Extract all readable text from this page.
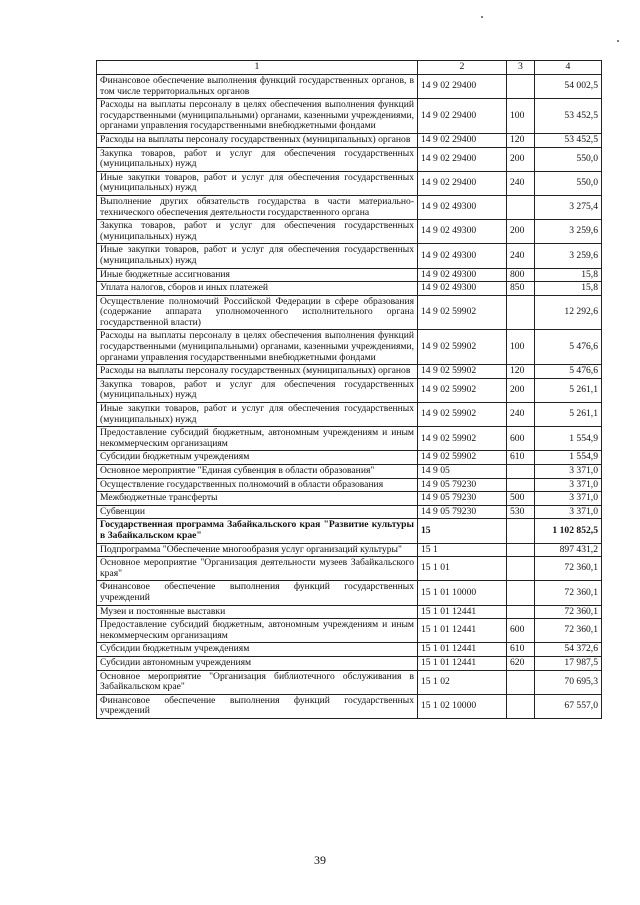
1	2	3	4
Финансовое обеспечение выполнения функций государственных органов, в том числе территориальных органов	14 9 02 29400		54 002,5
Расходы на выплаты персоналу в целях обеспечения выполнения функций государственными (муниципальными) органами, казенными учреждениями, органами управления государственными внебюджетными фондами	14 9 02 29400	100	53 452,5
Расходы на выплаты персоналу государственных (муниципальных) органов	14 9 02 29400	120	53 452,5
Закупка товаров, работ и услуг для обеспечения государственных (муниципальных) нужд	14 9 02 29400	200	550,0
Иные закупки товаров, работ и услуг для обеспечения государственных (муниципальных) нужд	14 9 02 29400	240	550,0
Выполнение других обязательств государства в части материально-технического обеспечения деятельности государственного органа	14 9 02 49300		3 275,4
Закупка товаров, работ и услуг для обеспечения государственных (муниципальных) нужд	14 9 02 49300	200	3 259,6
Иные закупки товаров, работ и услуг для обеспечения государственных (муниципальных) нужд	14 9 02 49300	240	3 259,6
Иные бюджетные ассигнования	14 9 02 49300	800	15,8
Уплата налогов, сборов и иных платежей	14 9 02 49300	850	15,8
Осуществление полномочий Российской Федерации в сфере образования (содержание аппарата уполномоченного исполнительного органа государственной власти)	14 9 02 59902		12 292,6
Расходы на выплаты персоналу в целях обеспечения выполнения функций государственными (муниципальными) органами, казенными учреждениями, органами управления государственными внебюджетными фондами	14 9 02 59902	100	5 476,6
Расходы на выплаты персоналу государственных (муниципальных) органов	14 9 02 59902	120	5 476,6
Закупка товаров, работ и услуг для обеспечения государственных (муниципальных) нужд	14 9 02 59902	200	5 261,1
Иные закупки товаров, работ и услуг для обеспечения государственных (муниципальных) нужд	14 9 02 59902	240	5 261,1
Предоставление субсидий бюджетным, автономным учреждениям и иным некоммерческим организациям	14 9 02 59902	600	1 554,9
Субсидии бюджетным учреждениям	14 9 02 59902	610	1 554,9
Основное мероприятие "Единая субвенция в области образования"	14 9 05		3 371,0
Осуществление государственных полномочий в области образования	14 9 05 79230		3 371,0
Межбюджетные трансферты	14 9 05 79230	500	3 371,0
Субвенции	14 9 05 79230	530	3 371,0
Государственная программа Забайкальского края "Развитие культуры в Забайкальском крае"	15		1 102 852,5
Подпрограмма "Обеспечение многообразия услуг организаций культуры"	15 1		897 431,2
Основное мероприятие "Организация деятельности музеев Забайкальского края"	15 1 01		72 360,1
Финансовое обеспечение выполнения функций государственных учреждений	15 1 01 10000		72 360,1
Музеи и постоянные выставки	15 1 01 12441		72 360,1
Предоставление субсидий бюджетным, автономным учреждениям и иным некоммерческим организациям	15 1 01 12441	600	72 360,1
Субсидии бюджетным учреждениям	15 1 01 12441	610	54 372,6
Субсидии автономным учреждениям	15 1 01 12441	620	17 987,5
Основное мероприятие "Организация библиотечного обслуживания в Забайкальском крае"	15 1 02		70 695,3
Финансовое обеспечение выполнения функций государственных учреждений	15 1 02 10000		67 557,0
39
